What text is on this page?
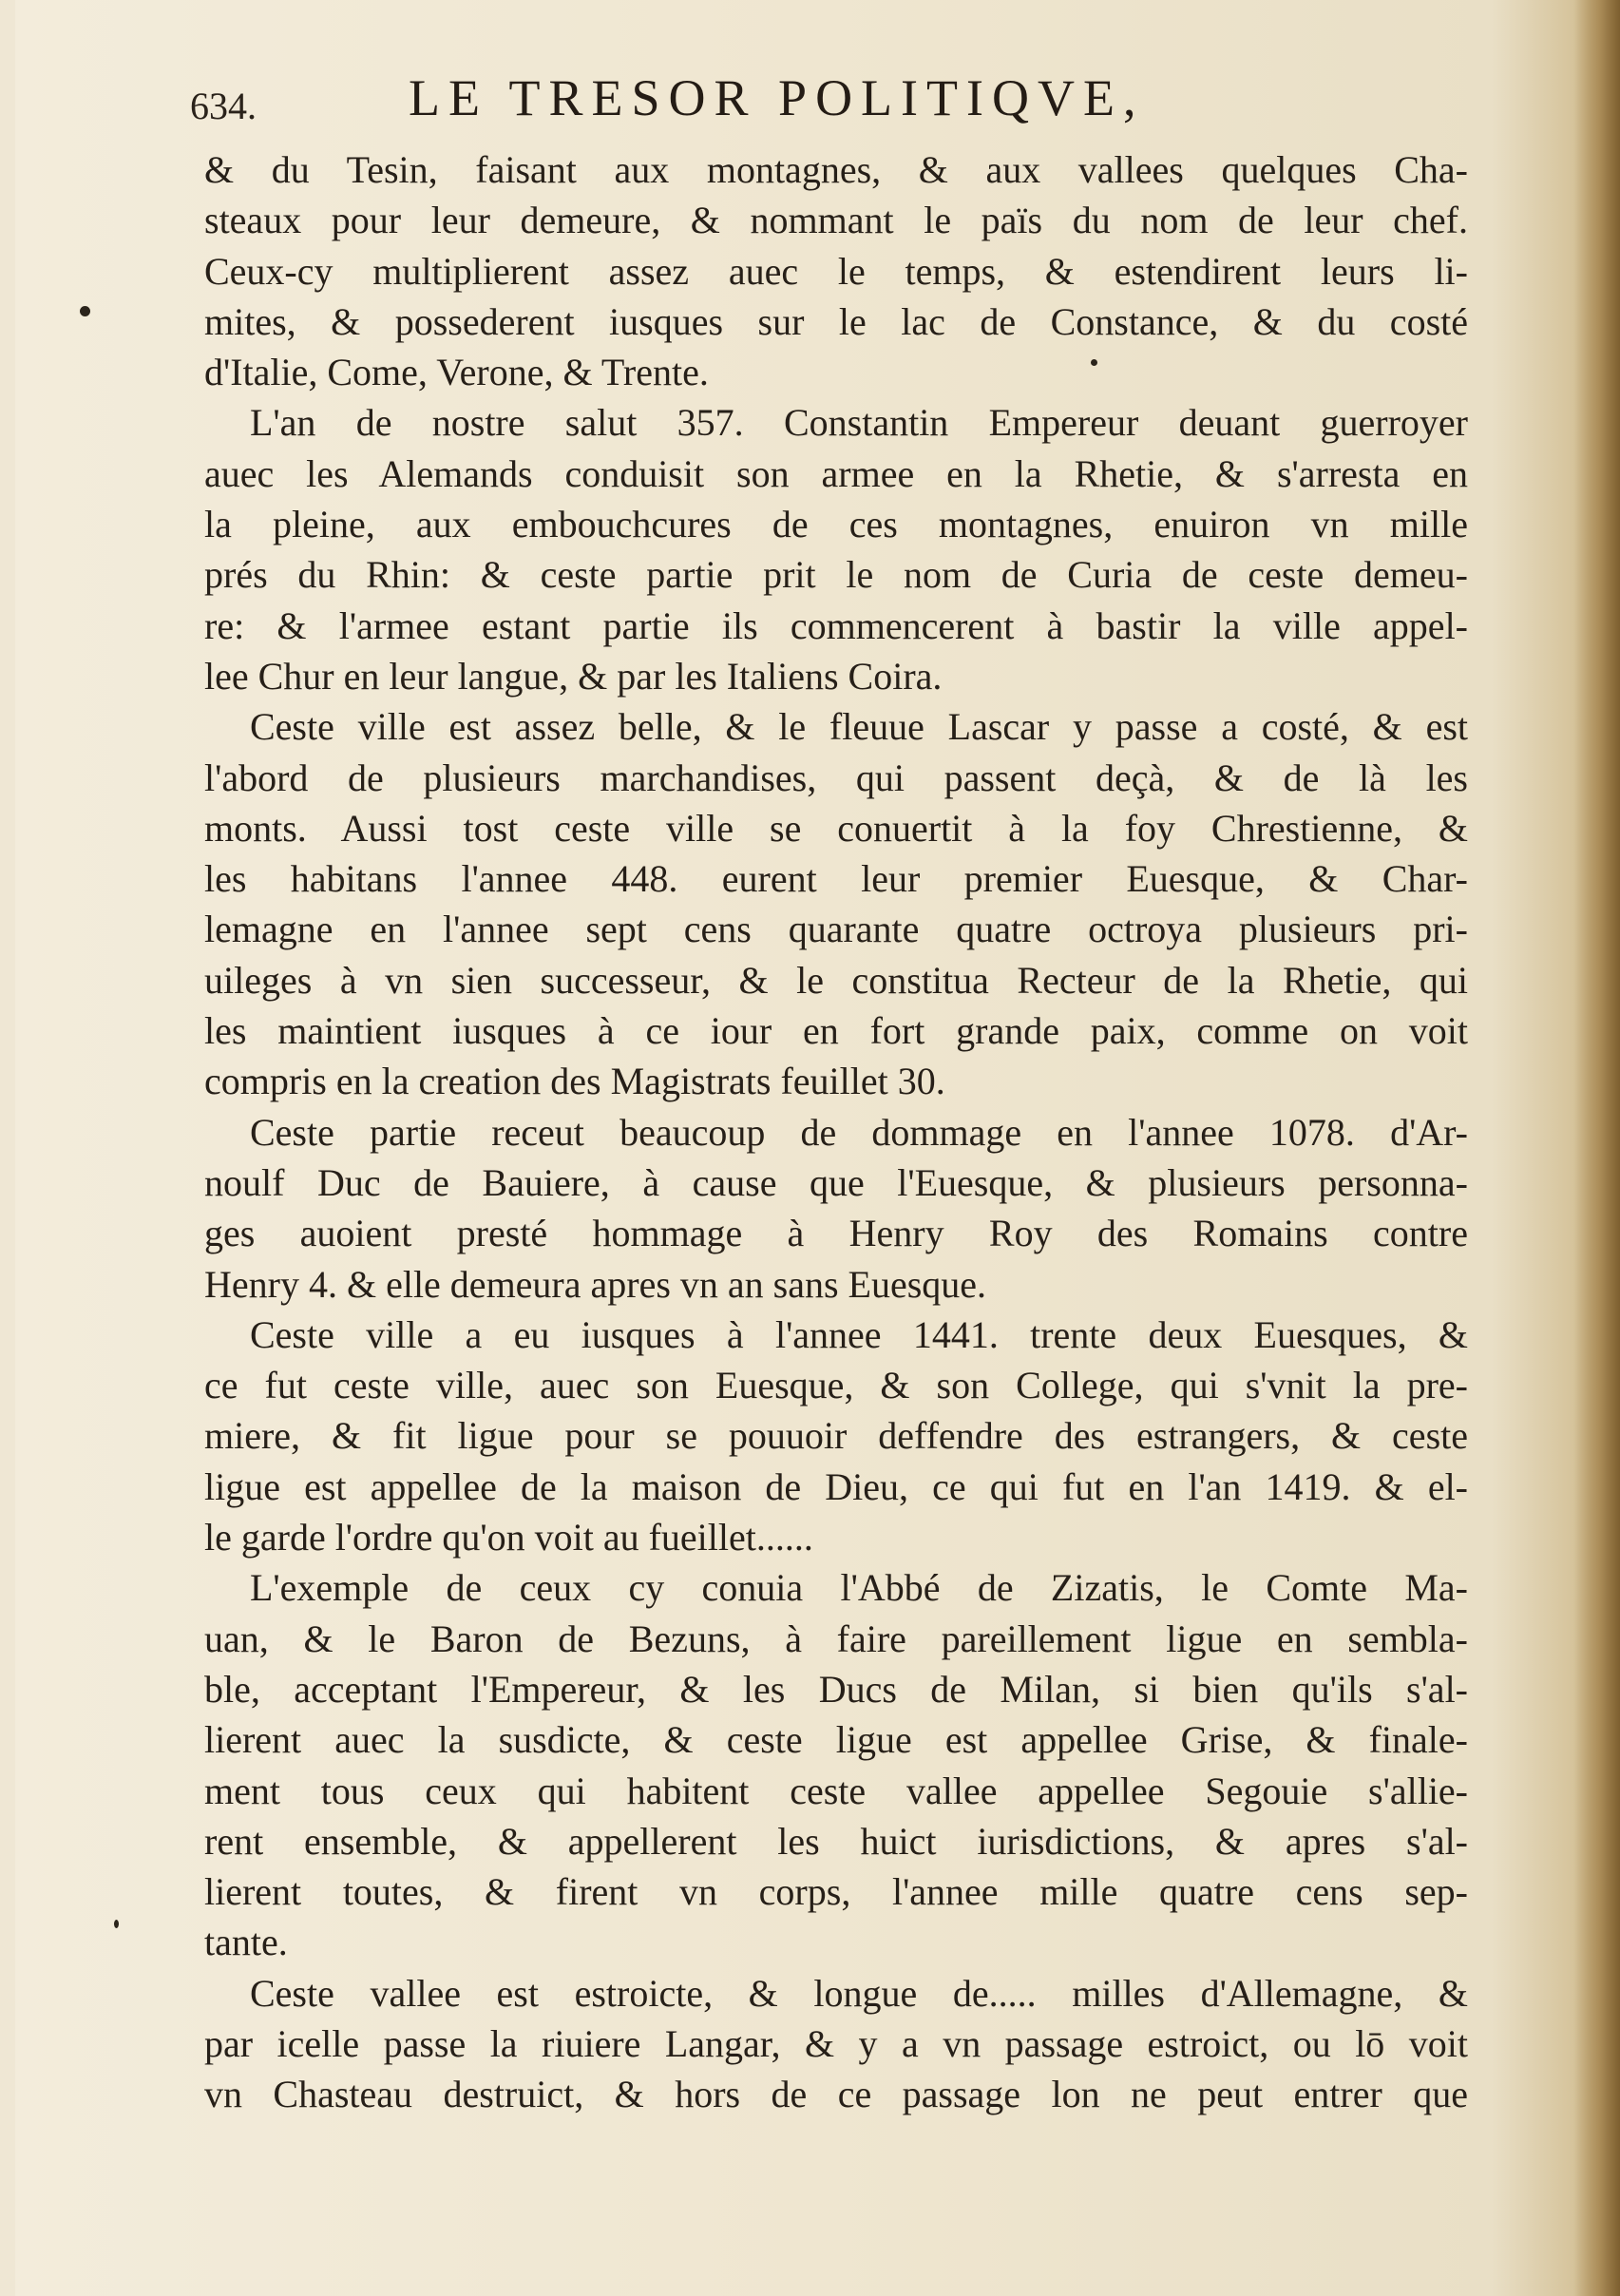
634.	LE TRESOR POLITIQVE,
& du Tesin, faisant aux montagnes, & aux vallees quelques Cha-
steaux pour leur demeure, & nommant le païs du nom de leur chef.
Ceux-cy multiplierent assez auec le temps, & estendirent leurs li-
mites, & possederent iusques sur le lac de Constance, & du costé
d'Italie, Come, Verone, & Trente.
L'an de nostre salut 357. Constantin Empereur deuant guerroyer
auec les Alemands conduisit son armee en la Rhetie, & s'arresta en
la pleine, aux embouchcures de ces montagnes, enuiron vn mille
prés du Rhin: & ceste partie prit le nom de Curia de ceste demeu-
re: & l'armee estant partie ils commencerent à bastir la ville appel-
lee Chur en leur langue, & par les Italiens Coira.
Ceste ville est assez belle, & le fleuue Lascar y passe a costé, & est
l'abord de plusieurs marchandises, qui passent deçà, & de là les
monts. Aussi tost ceste ville se conuertit à la foy Chrestienne, &
les habitans l'annee 448. eurent leur premier Euesque, & Char-
lemagne en l'annee sept cens quarante quatre octroya plusieurs pri-
uileges à vn sien successeur, & le constitua Recteur de la Rhetie, qui
les maintient iusques à ce iour en fort grande paix, comme on voit
compris en la creation des Magistrats feuillet 30.
Ceste partie receut beaucoup de dommage en l'annee 1078. d'Ar-
noulf Duc de Bauiere, à cause que l'Euesque, & plusieurs personna-
ges auoient presté hommage à Henry Roy des Romains contre
Henry 4. & elle demeura apres vn an sans Euesque.
Ceste ville a eu iusques à l'annee 1441. trente deux Euesques, &
ce fut ceste ville, auec son Euesque, & son College, qui s'vnit la pre-
miere, & fit ligue pour se pouuoir deffendre des estrangers, & ceste
ligue est appellee de la maison de Dieu, ce qui fut en l'an 1419. & el-
le garde l'ordre qu'on voit au fueillet......
L'exemple de ceux cy conuia l'Abbé de Zizatis, le Comte Ma-
uan, & le Baron de Bezuns, à faire pareillement ligue en sembla-
ble, acceptant l'Empereur, & les Ducs de Milan, si bien qu'ils s'al-
lierent auec la susdicte, & ceste ligue est appellee Grise, & finale-
ment tous ceux qui habitent ceste vallee appellee Segouie s'allie-
rent ensemble, & appellerent les huict iurisdictions, & apres s'al-
lierent toutes, & firent vn corps, l'annee mille quatre cens sep-
tante.
Ceste vallee est estroicte, & longue de..... milles d'Allemagne, &
par icelle passe la riuiere Langar, & y a vn passage estroict, ou lō voit
vn Chasteau destruict, & hors de ce passage lon ne peut entrer que
